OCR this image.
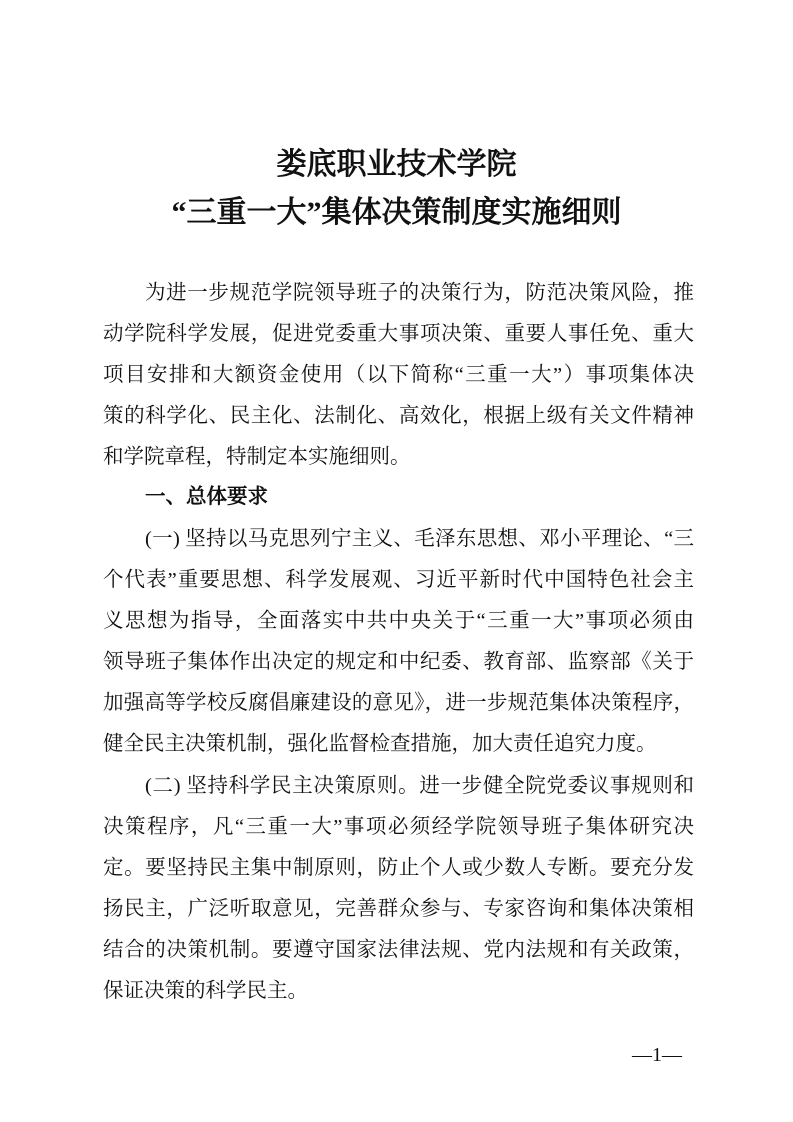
娄底职业技术学院
“三重一大”集体决策制度实施细则
为进一步规范学院领导班子的决策行为，防范决策风险，推
动学院科学发展，促进党委重大事项决策、重要人事任免、重大
项目安排和大额资金使用（以下简称“三重一大”）事项集体决
策的科学化、民主化、法制化、高效化，根据上级有关文件精神
和学院章程，特制定本实施细则。
一、总体要求
(一) 坚持以马克思列宁主义、毛泽东思想、邓小平理论、“三
个代表”重要思想、科学发展观、习近平新时代中国特色社会主
义思想为指导，全面落实中共中央关于“三重一大”事项必须由
领导班子集体作出决定的规定和中纪委、教育部、监察部《关于
加强高等学校反腐倡廉建设的意见》，进一步规范集体决策程序，
健全民主决策机制，强化监督检查措施，加大责任追究力度。
(二) 坚持科学民主决策原则。进一步健全院党委议事规则和
决策程序，凡“三重一大”事项必须经学院领导班子集体研究决
定。要坚持民主集中制原则，防止个人或少数人专断。要充分发
扬民主，广泛听取意见，完善群众参与、专家咨询和集体决策相
结合的决策机制。要遵守国家法律法规、党内法规和有关政策，
保证决策的科学民主。
—1—
